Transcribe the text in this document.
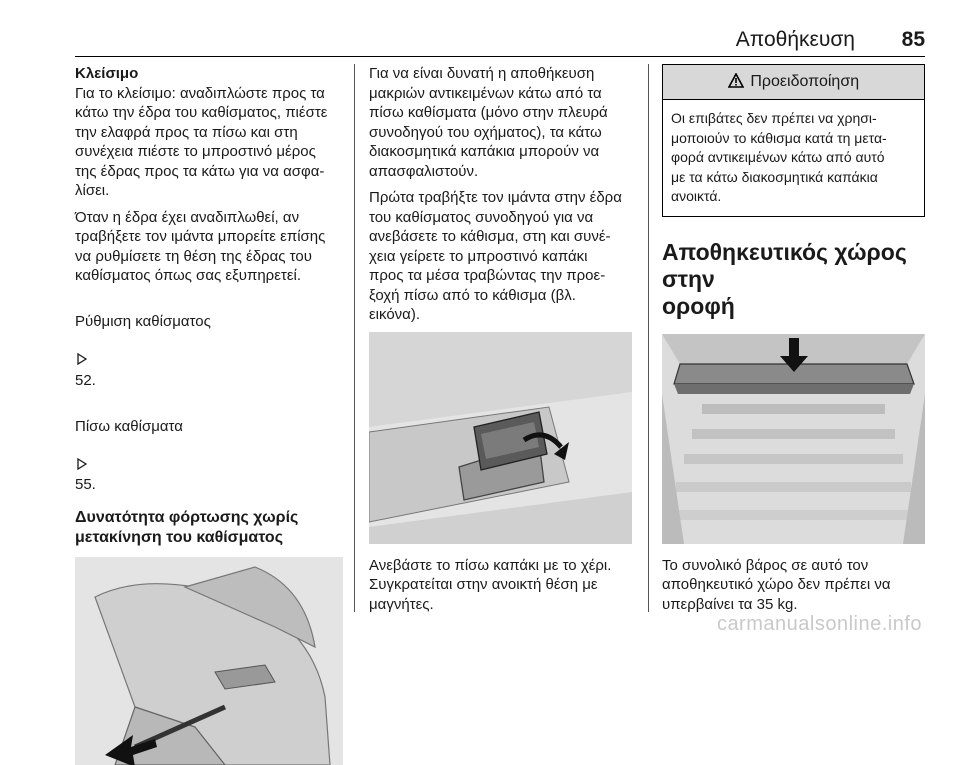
Αποθήκευση 85
Κλείσιμο
Για το κλείσιμο: αναδιπλώστε προς τα
κάτω την έδρα του καθίσματος, πιέστε
την ελαφρά προς τα πίσω και στη
συνέχεια πιέστε το μπροστινό μέρος
της έδρας προς τα κάτω για να ασφα-
λίσει.
Όταν η έδρα έχει αναδιπλωθεί, αν
τραβήξετε τον ιμάντα μπορείτε επίσης
να ρυθμίσετε τη θέση της έδρας του
καθίσματος όπως σας εξυπηρετεί.

Ρύθμιση καθίσματος

52.

Πίσω καθίσματα

55.

Δυνατότητα φόρτωσης χωρίς
μετακίνηση του καθίσματος
Για να είναι δυνατή η αποθήκευση
μακριών αντικειμένων κάτω από τα
πίσω καθίσματα (μόνο στην πλευρά
συνοδηγού του οχήματος), τα κάτω
διακοσμητικά καπάκια μπορούν να
απασφαλιστούν.
Πρώτα τραβήξτε τον ιμάντα στην έδρα
του καθίσματος συνοδηγού για να
ανεβάσετε το κάθισμα, στη και συνέ-
χεια γείρετε το μπροστινό καπάκι
προς τα μέσα τραβώντας την προε-
ξοχή πίσω από το κάθισμα (βλ.
εικόνα).
Ανεβάστε το πίσω καπάκι με το χέρι.
Συγκρατείται στην ανοικτή θέση με
μαγνήτες.
Προειδοποίηση
Οι επιβάτες δεν πρέπει να χρησι-
μοποιούν το κάθισμα κατά τη μετα-
φορά αντικειμένων κάτω από αυτό
με τα κάτω διακοσμητικά καπάκια
ανοικτά.
Αποθηκευτικός χώρος στην
οροφή
Το συνολικό βάρος σε αυτό τον
αποθηκευτικό χώρο δεν πρέπει να
υπερβαίνει τα 35 kg.
carmanualsonline.info
